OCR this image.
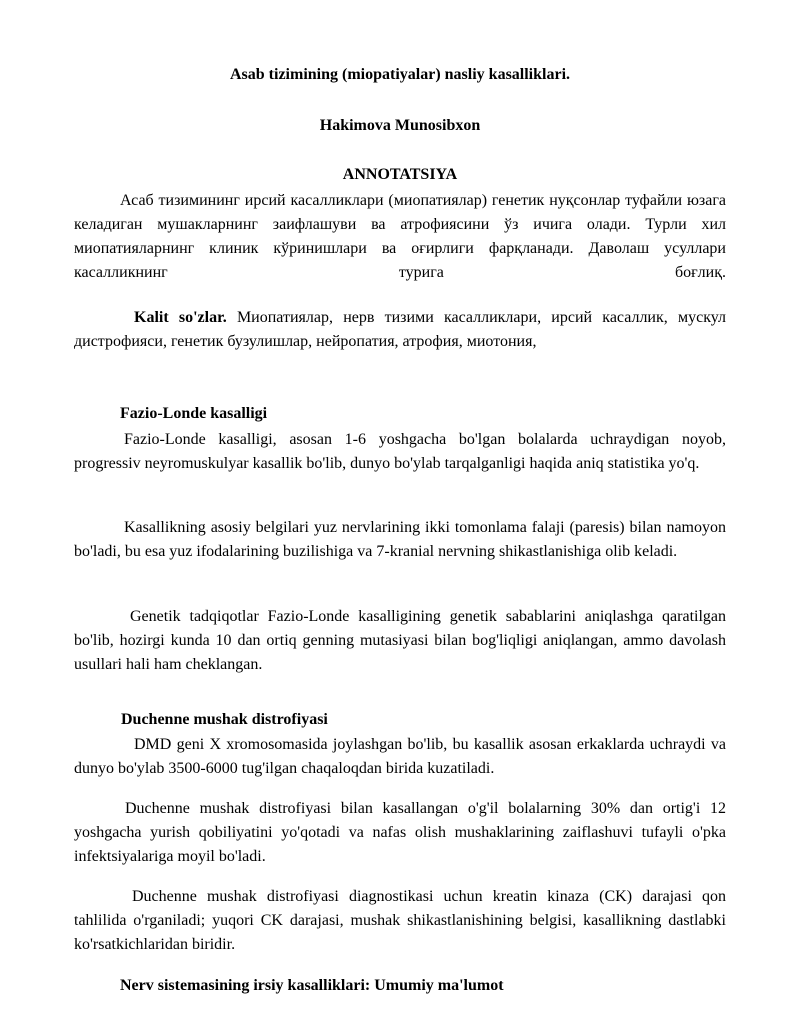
Asab tizimining (miopatiyalar) nasliy kasalliklari.
Hakimova Munosibxon
ANNOTATSIYA
Асаб тизимининг ирсий касалликлари (миопатиялар) генетик нуқсонлар туфайли юзага келадиган мушакларнинг заифлашуви ва атрофиясини ўз ичига олади. Турли хил миопатияларнинг клиник кўринишлари ва оғирлиги фарқланади. Даволаш усуллари касалликнинг турига боғлиқ.
Kalit so'zlar. Миопатиялар, нерв тизими касалликлари, ирсий касаллик, мускул дистрофияси, генетик бузулишлар, нейропатия, атрофия, миотония,
Fazio-Londe kasalligi
Fazio-Londe kasalligi, asosan 1-6 yoshgacha bo'lgan bolalarda uchraydigan noyob, progressiv neyromuskulyar kasallik bo'lib, dunyo bo'ylab tarqalganligi haqida aniq statistika yo'q.
Kasallikning asosiy belgilari yuz nervlarining ikki tomonlama falaji (paresis) bilan namoyon bo'ladi, bu esa yuz ifodalarining buzilishiga va 7-kranial nervning shikastlanishiga olib keladi.
Genetik tadqiqotlar Fazio-Londe kasalligining genetik sabablarini aniqlashga qaratilgan bo'lib, hozirgi kunda 10 dan ortiq genning mutasiyasi bilan bog'liqligi aniqlangan, ammo davolash usullari hali ham cheklangan.
Duchenne mushak distrofiyasi
DMD geni X xromosomasida joylashgan bo'lib, bu kasallik asosan erkaklarda uchraydi va dunyo bo'ylab 3500-6000 tug'ilgan chaqaloqdan birida kuzatiladi.
Duchenne mushak distrofiyasi bilan kasallangan o'g'il bolalarning 30% dan ortig'i 12 yoshgacha yurish qobiliyatini yo'qotadi va nafas olish mushaklarining zaiflashuvi tufayli o'pka infektsiyalariga moyil bo'ladi.
Duchenne mushak distrofiyasi diagnostikasi uchun kreatin kinaza (CK) darajasi qon tahlilida o'rganiladi; yuqori CK darajasi, mushak shikastlanishining belgisi, kasallikning dastlabki ko'rsatkichlaridan biridir.
Nerv sistemasining irsiy kasalliklari: Umumiy ma'lumot
